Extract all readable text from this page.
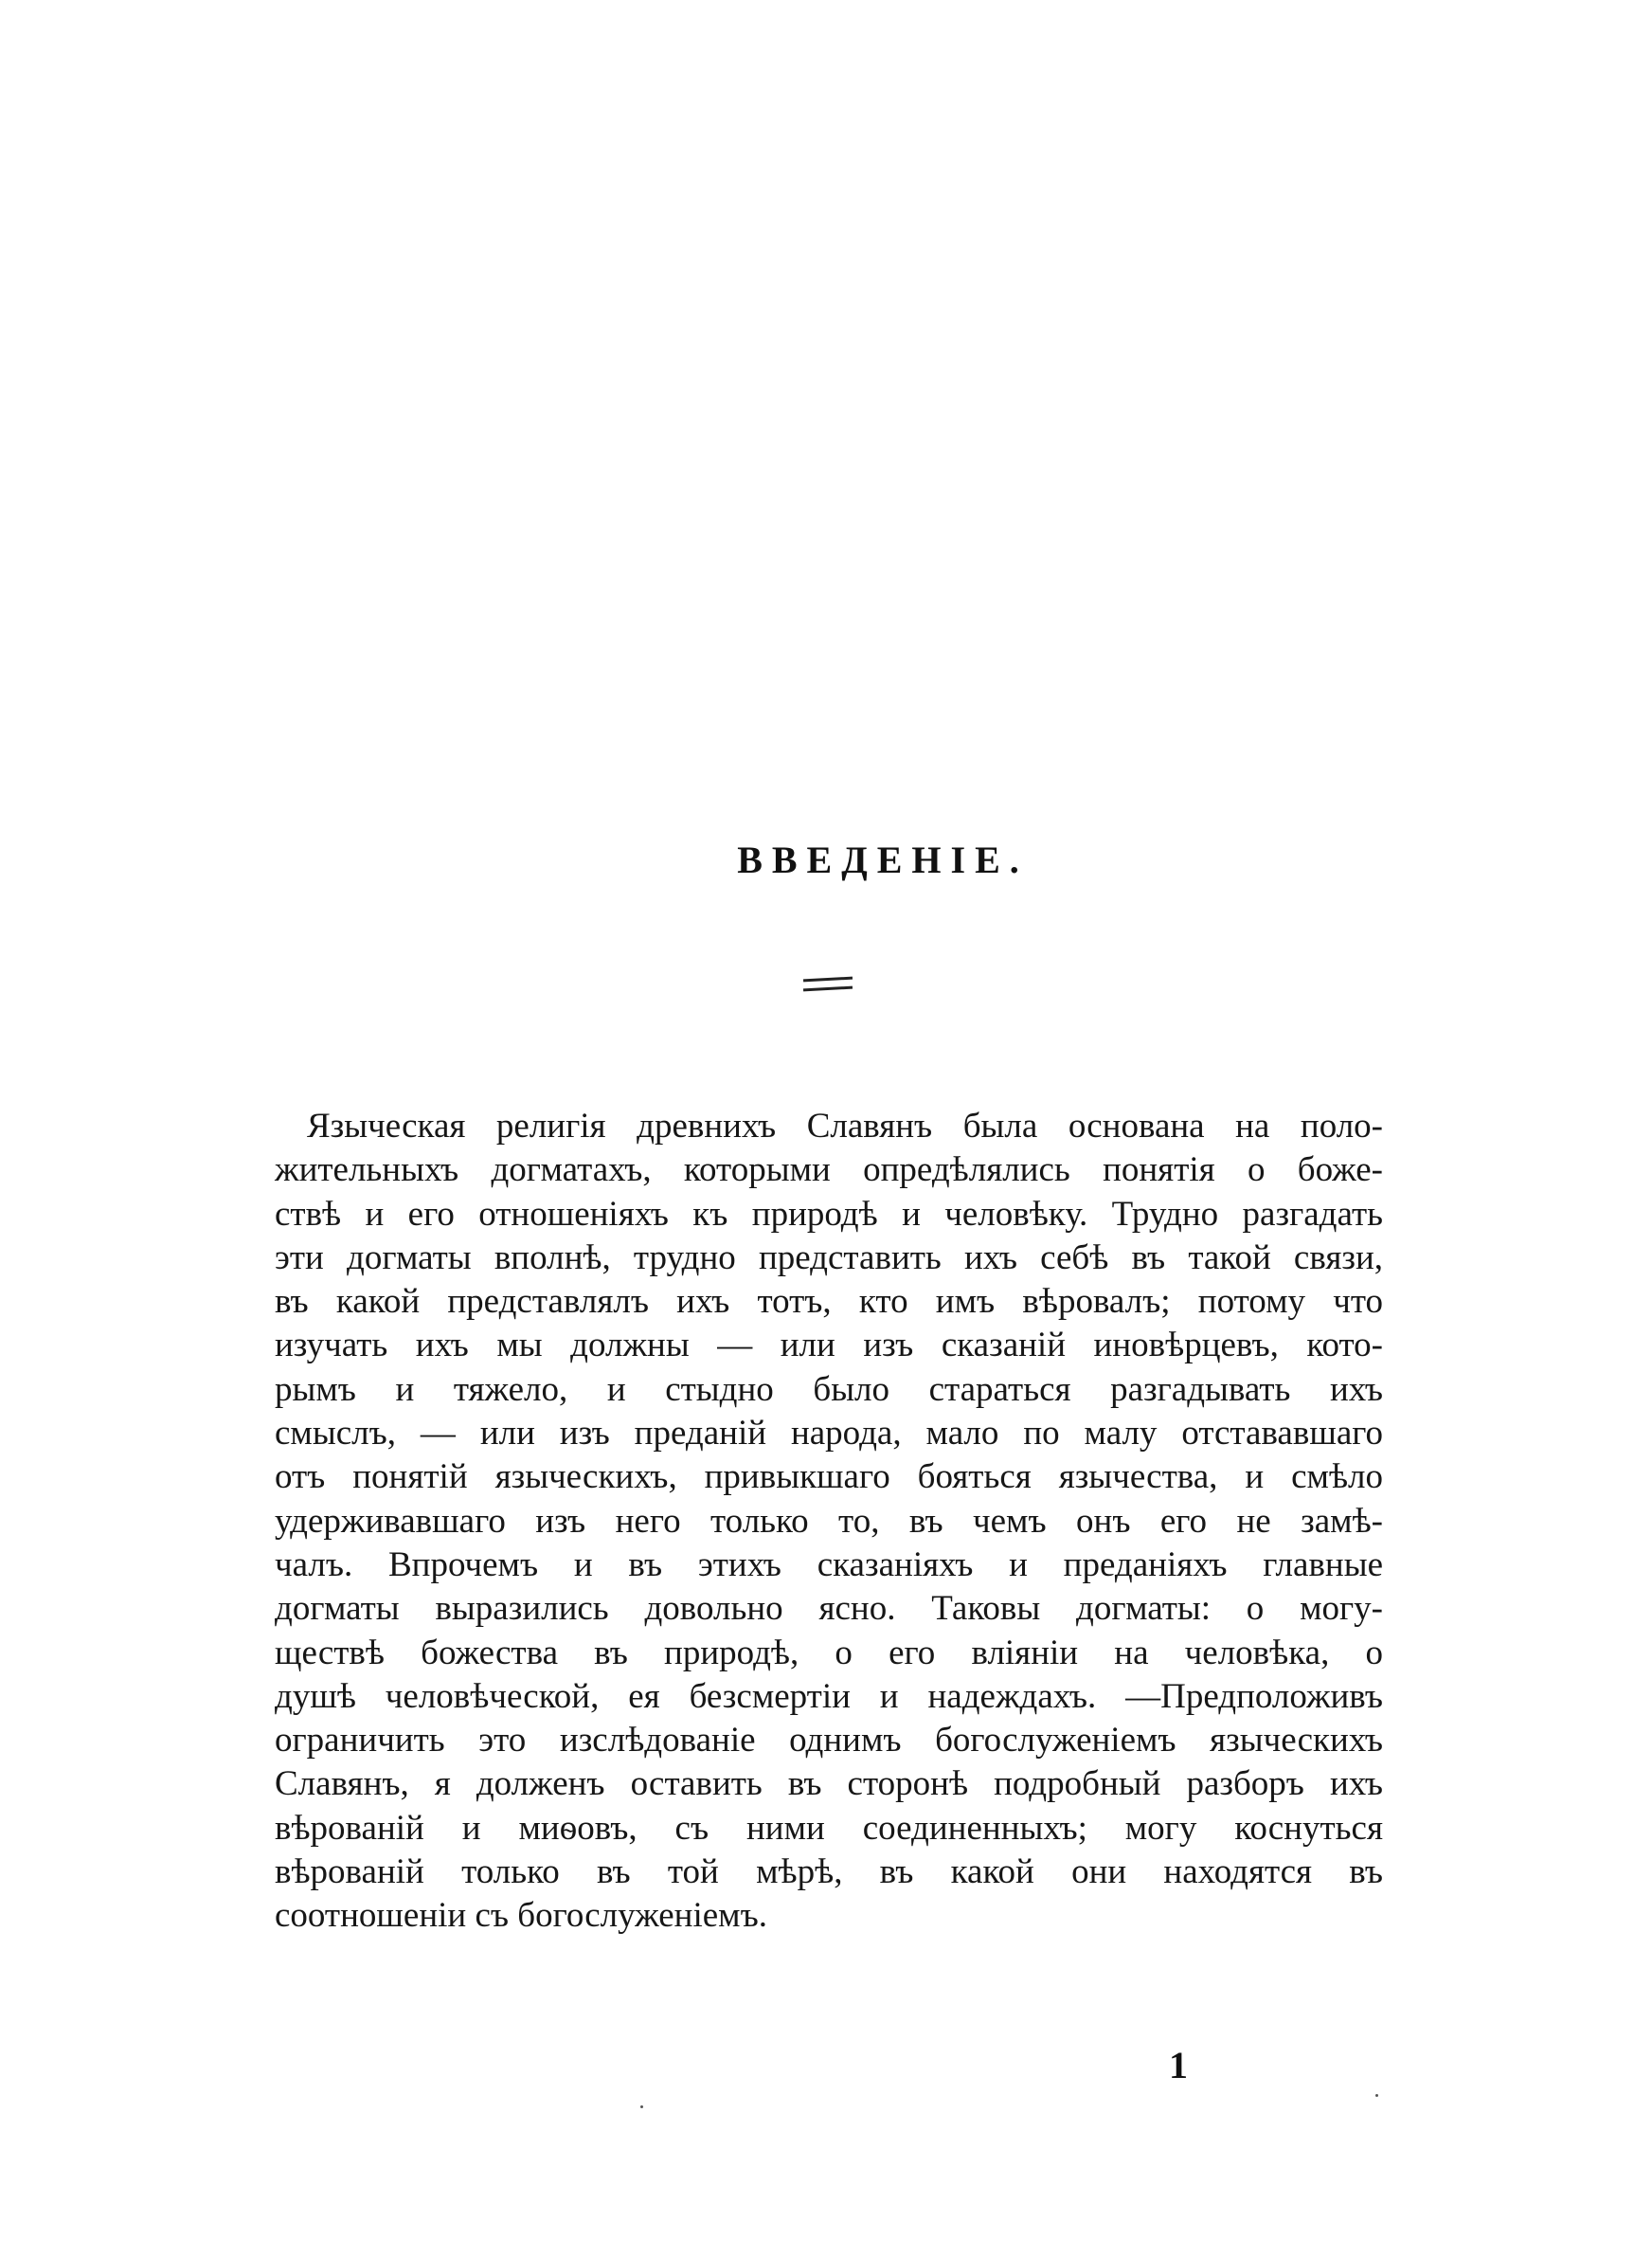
ВВЕДЕНІЕ.

Языческая религія древнихъ Славянъ была основана на поло-
жительныхъ догматахъ, которыми опредѣлялись понятія о боже-
ствѣ и его отношеніяхъ къ природѣ и человѣку. Трудно разгадать
эти догматы вполнѣ, трудно представить ихъ себѣ въ такой связи,
въ какой представлялъ ихъ тотъ, кто имъ вѣровалъ; потому что
изучать ихъ мы должны — или изъ сказаній иновѣрцевъ, кото-
рымъ и тяжело, и стыдно было стараться разгадывать ихъ
смыслъ, — или изъ преданій народа, мало по малу отстававшаго
отъ понятій языческихъ, привыкшаго бояться язычества, и смѣло
удерживавшаго изъ него только то, въ чемъ онъ его не замѣ-
чалъ. Впрочемъ и въ этихъ сказаніяхъ и преданіяхъ главные
догматы выразились довольно ясно. Таковы догматы: о могу-
ществѣ божества въ природѣ, о его вліяніи на человѣка, о
душѣ человѣческой, ея безсмертіи и надеждахъ. —Предположивъ
ограничить это изслѣдованіе однимъ богослуженіемъ языческихъ
Славянъ, я долженъ оставить въ сторонѣ подробный разборъ ихъ
вѣрованій и миѳовъ, съ ними соединенныхъ; могу коснуться
вѣрованій только въ той мѣрѣ, въ какой они находятся въ
соотношеніи съ богослуженіемъ.

1
